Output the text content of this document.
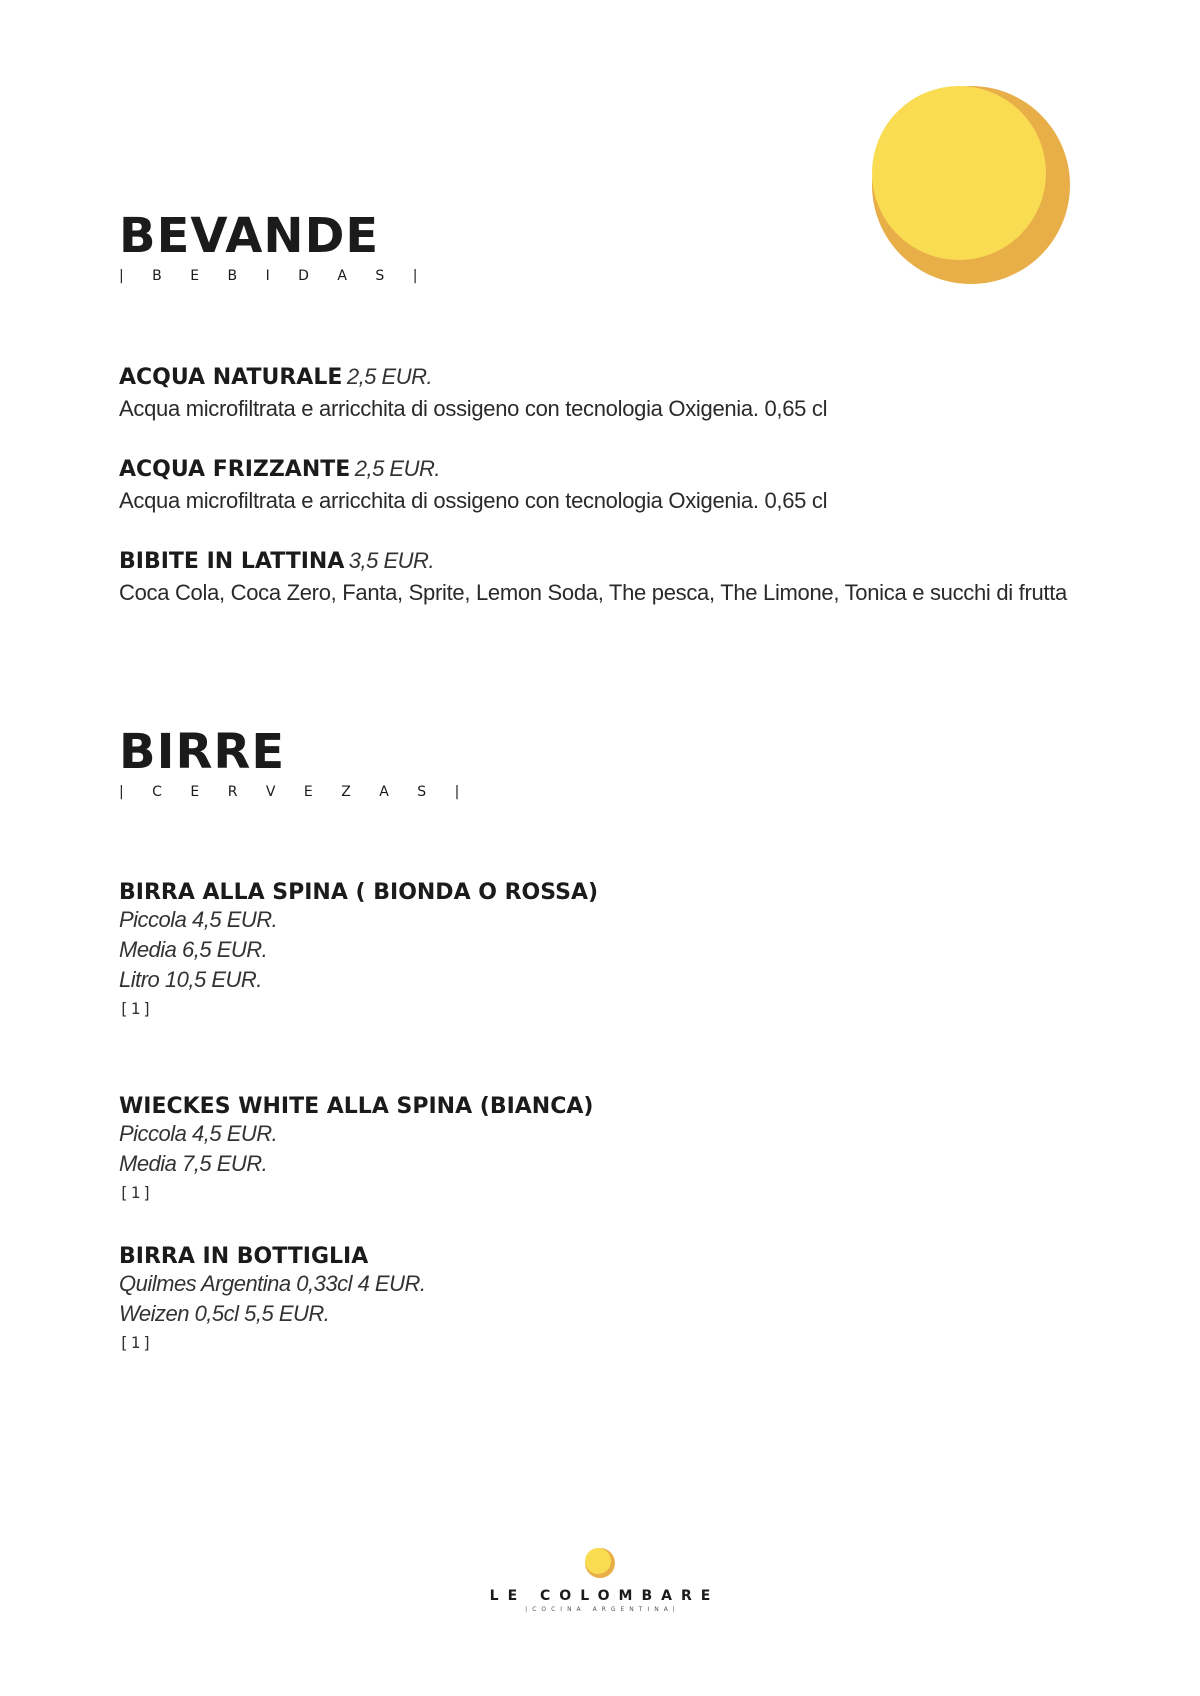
BEVANDE
| B E B I D A S |
ACQUA NATURALE 2,5 EUR.
Acqua microfiltrata e arricchita di ossigeno con tecnologia Oxigenia. 0,65 cl
ACQUA FRIZZANTE 2,5 EUR.
Acqua microfiltrata e arricchita di ossigeno con tecnologia Oxigenia. 0,65 cl
BIBITE IN LATTINA 3,5 EUR.
Coca Cola, Coca Zero, Fanta, Sprite, Lemon Soda, The pesca, The Limone, Tonica e succhi di frutta
BIRRE
| C E R V E Z A S |
BIRRA ALLA SPINA ( BIONDA O ROSSA)
Piccola 4,5 EUR.
Media 6,5 EUR.
Litro 10,5 EUR.
[1]
WIECKES WHITE ALLA SPINA (BIANCA)
Piccola 4,5 EUR.
Media 7,5 EUR.
[1]
BIRRA IN BOTTIGLIA
Quilmes Argentina 0,33cl 4 EUR.
Weizen 0,5cl 5,5 EUR.
[1]
LE COLOMBARE
|COCINA ARGENTINA|
